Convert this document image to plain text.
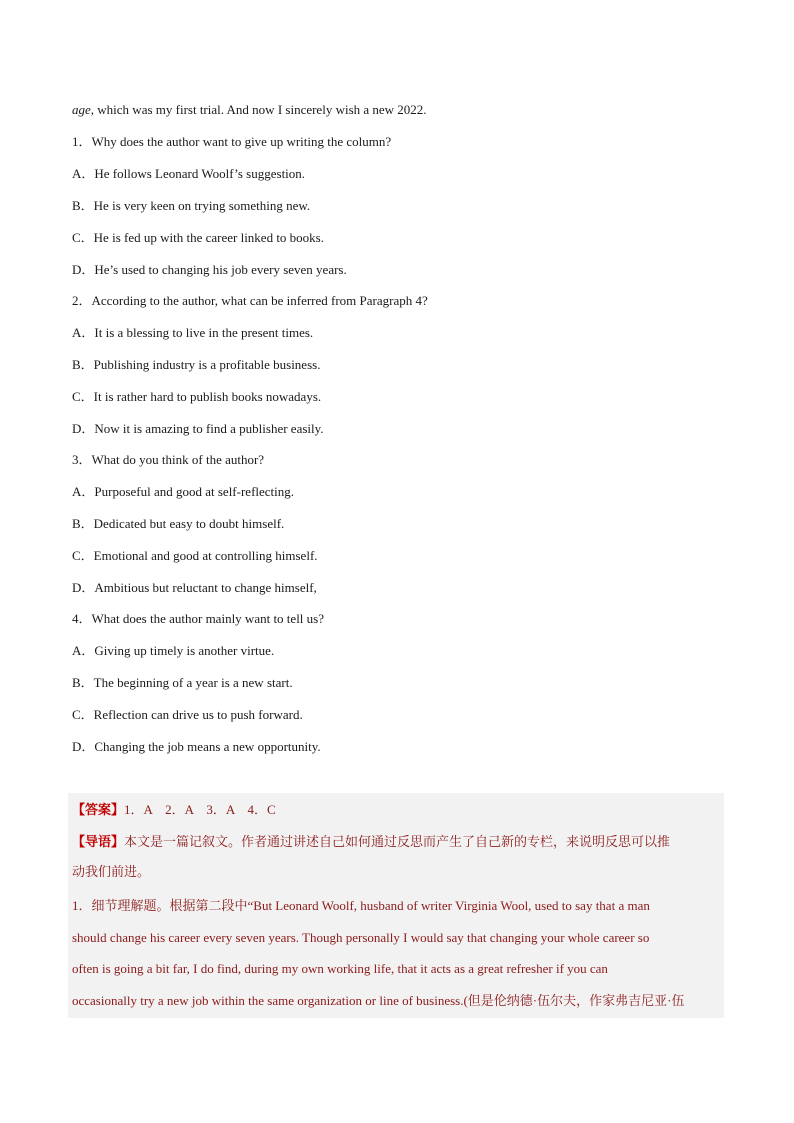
age, which was my first trial. And now I sincerely wish a new 2022.
1．Why does the author want to give up writing the column?
A．He follows Leonard Woolf’s suggestion.
B．He is very keen on trying something new.
C．He is fed up with the career linked to books.
D．He’s used to changing his job every seven years.
2．According to the author, what can be inferred from Paragraph 4?
A．It is a blessing to live in the present times.
B．Publishing industry is a profitable business.
C．It is rather hard to publish books nowadays.
D．Now it is amazing to find a publisher easily.
3．What do you think of the author?
A．Purposeful and good at self-reflecting.
B．Dedicated but easy to doubt himself.
C．Emotional and good at controlling himself.
D．Ambitious but reluctant to change himself,
4．What does the author mainly want to tell us?
A．Giving up timely is another virtue.
B．The beginning of a year is a new start.
C．Reflection can drive us to push forward.
D．Changing the job means a new opportunity.
【答案】1．A　2．A　3．A　4．C
【导语】本文是一篇记叙文。作者通过讲述自己如何通过反思而产生了自己新的专栏，来说明反思可以推
动我们前进。
1．细节理解题。根据第二段中“But Leonard Woolf, husband of writer Virginia Wool, used to say that a man
should change his career every seven years. Though personally I would say that changing your whole career so
often is going a bit far, I do find, during my own working life, that it acts as a great refresher if you can
occasionally try a new job within the same organization or line of business.(但是伦纳德·伍尔夫，作家弗吉尼亚·伍
